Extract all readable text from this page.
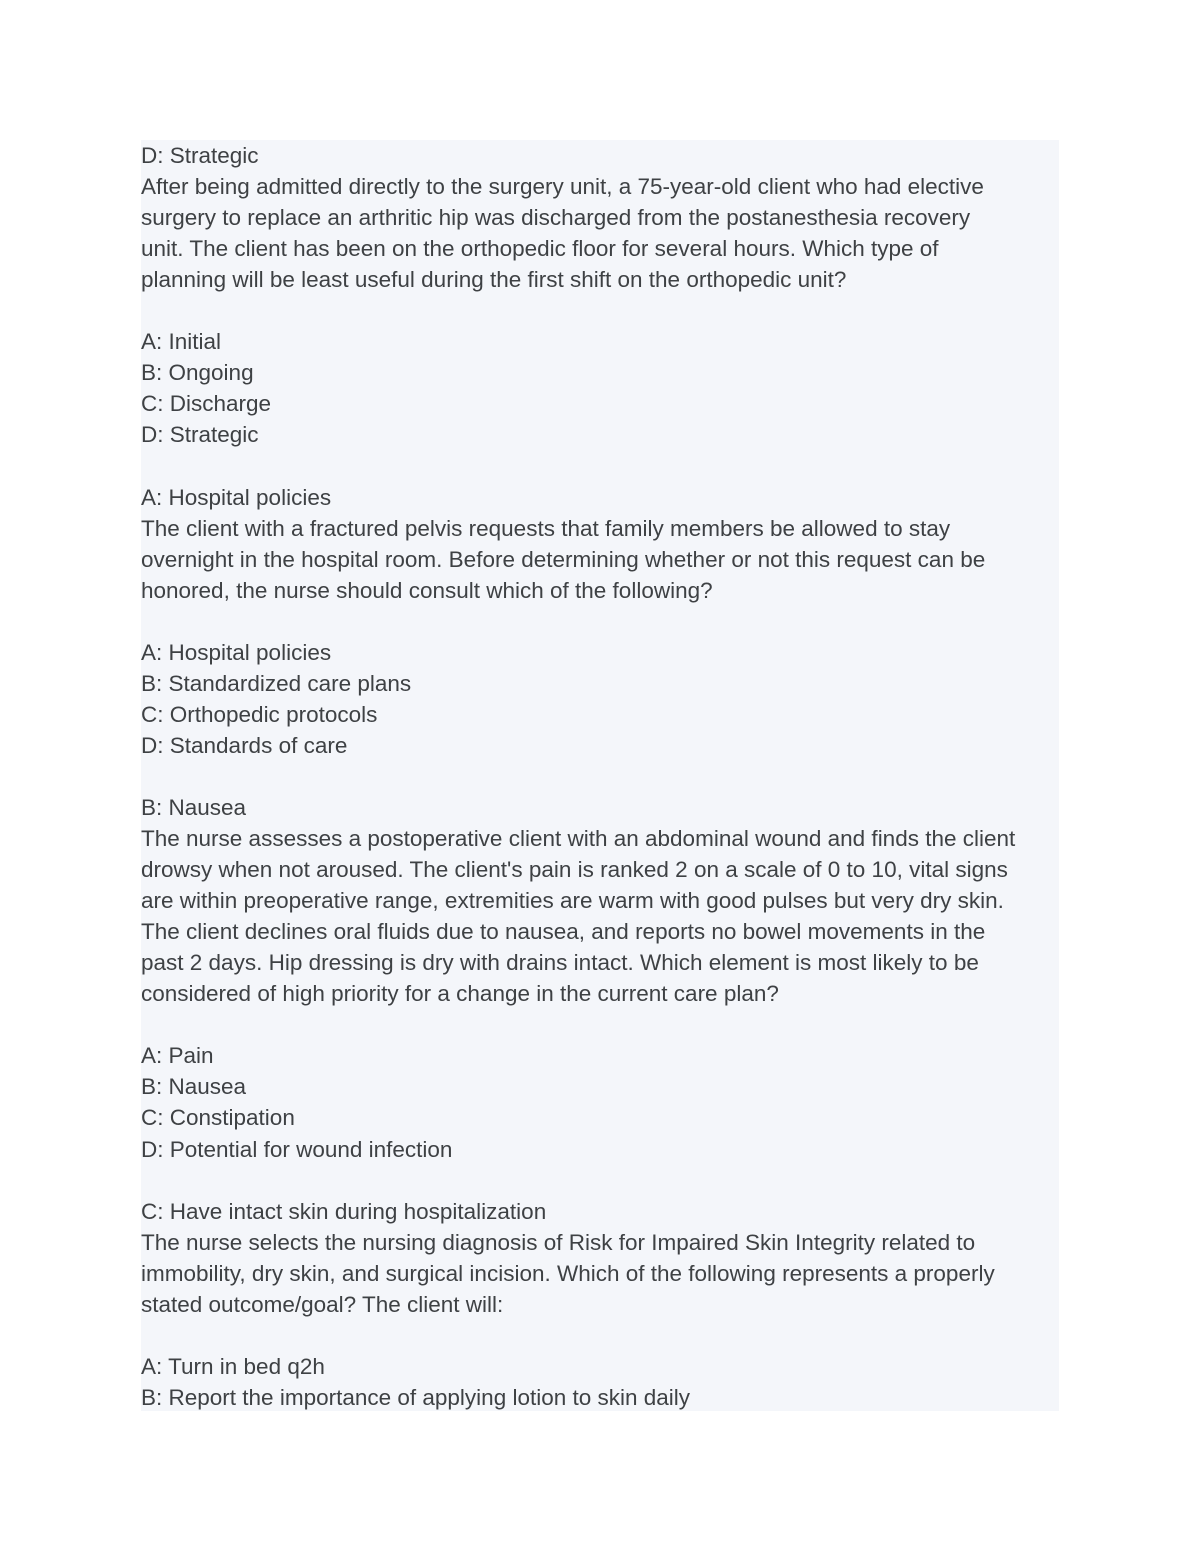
D: Strategic
After being admitted directly to the surgery unit, a 75-year-old client who had elective
surgery to replace an arthritic hip was discharged from the postanesthesia recovery
unit. The client has been on the orthopedic floor for several hours. Which type of
planning will be least useful during the first shift on the orthopedic unit?
A: Initial
B: Ongoing
C: Discharge
D: Strategic
A: Hospital policies
The client with a fractured pelvis requests that family members be allowed to stay
overnight in the hospital room. Before determining whether or not this request can be
honored, the nurse should consult which of the following?
A: Hospital policies
B: Standardized care plans
C: Orthopedic protocols
D: Standards of care
B: Nausea
The nurse assesses a postoperative client with an abdominal wound and finds the client
drowsy when not aroused. The client's pain is ranked 2 on a scale of 0 to 10, vital signs
are within preoperative range, extremities are warm with good pulses but very dry skin.
The client declines oral fluids due to nausea, and reports no bowel movements in the
past 2 days. Hip dressing is dry with drains intact. Which element is most likely to be
considered of high priority for a change in the current care plan?
A: Pain
B: Nausea
C: Constipation
D: Potential for wound infection
C: Have intact skin during hospitalization
The nurse selects the nursing diagnosis of Risk for Impaired Skin Integrity related to
immobility, dry skin, and surgical incision. Which of the following represents a properly
stated outcome/goal? The client will:
A: Turn in bed q2h
B: Report the importance of applying lotion to skin daily
